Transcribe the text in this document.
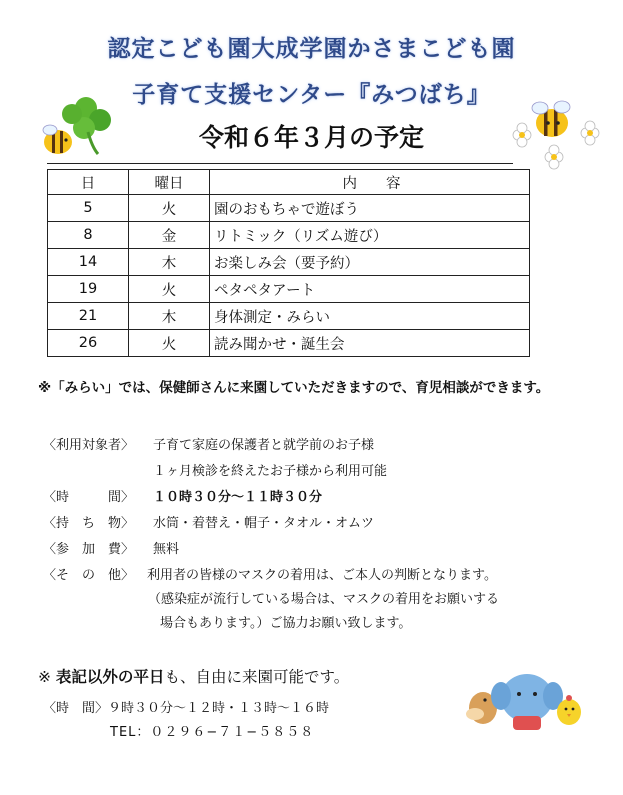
認定こども園大成学園かさまこども園
子育て支援センター『みつばち』
令和６年３月の予定
日	曜日	内　　容
5	火	園のおもちゃで遊ぼう
8	金	リトミック（リズム遊び）
14	木	お楽しみ会（要予約）
19	火	ペタペタアート
21	木	身体測定・みらい
26	火	読み聞かせ・誕生会
※「みらい」では、保健師さんに来園していただきますので、育児相談ができます。
〈利用対象者〉 子育て家庭の保護者と就学前のお子様
１ヶ月検診を終えたお子様から利用可能
〈時　　　間〉 １０時３０分～１１時３０分
〈持　ち　物〉 水筒・着替え・帽子・タオル・オムツ
〈参　加　費〉 無料
〈そ　の　他〉 利用者の皆様のマスクの着用は、ご本人の判断となります。
（感染症が流行している場合は、マスクの着用をお願いする
場合もあります。）ご協力お願い致します。
※ 表記以外の平日も、自由に来園可能です。
〈時　間〉９時３０分～１２時・１３時～１６時
TEL：０２９６−７１−５８５８
